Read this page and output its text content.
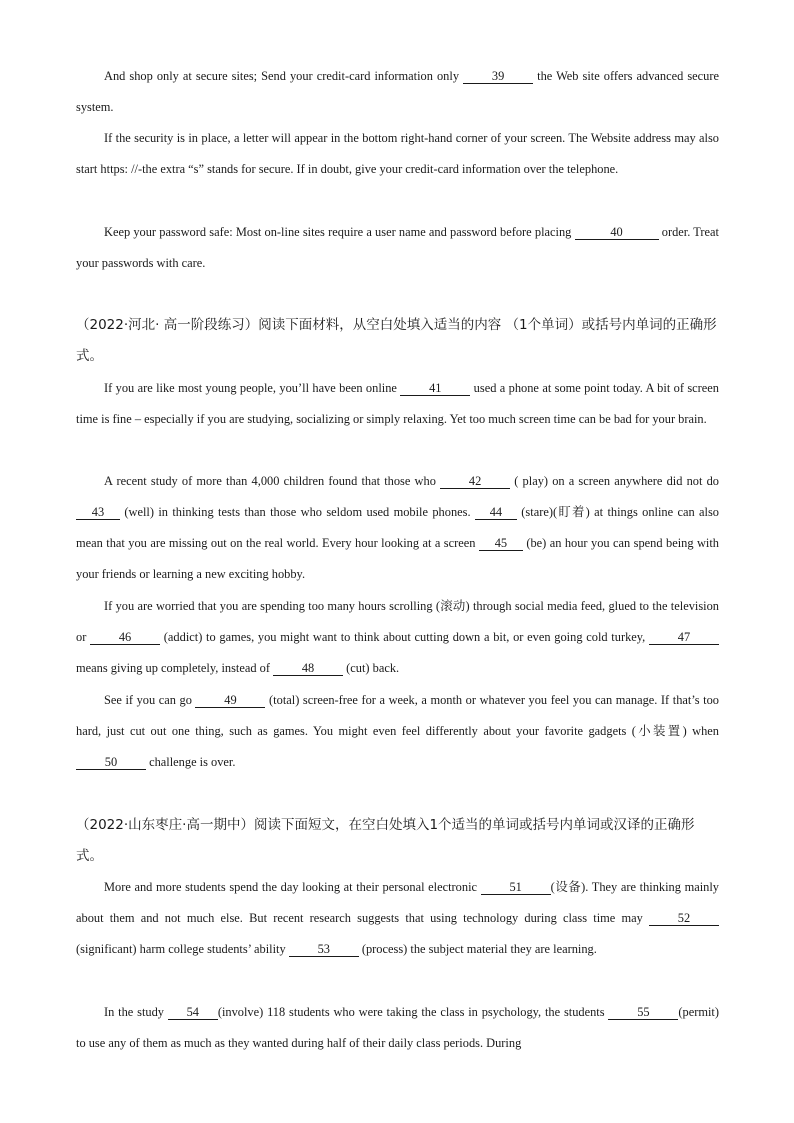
And shop only at secure sites; Send your credit-card information only 39 the Web site offers advanced secure system.

If the security is in place, a letter will appear in the bottom right-hand corner of your screen. The Website address may also start https: //-the extra “s” stands for secure. If in doubt, give your credit-card information over the telephone.

Keep your password safe: Most on-line sites require a user name and password before placing	40	order. Treat your passwords with care.

（2022·河北· 高一阶段练习）阅读下面材料，从空白处填入适当的内容 （1个单词）或括号内单词的正确形式。

If you are like most young people, you’ll have been online 41 used a phone at some point today. A bit of screen time is fine – especially if you are studying, socializing or simply relaxing. Yet too much screen time can be bad for your brain.

A recent study of more than 4,000 children found that those who 42 ( play) on a screen anywhere did not do 43 (well) in thinking tests than those who seldom used mobile phones. 44 (stare)(盯着) at things online can also mean that you are missing out on the real world. Every hour looking at a screen 45 (be) an hour you can spend being with your friends or learning a new exciting hobby.

If you are worried that you are spending too many hours scrolling (滚动) through social media feed, glued to the television or 46 (addict) to games, you might want to think about cutting down a bit, or even going cold turkey, 47 means giving up completely, instead of 48 (cut) back.

See if you can go 49 (total) screen-free for a week, a month or whatever you feel you can manage. If that’s too hard, just cut out one thing, such as games. You might even feel differently about your favorite gadgets (小装置) when 50 challenge is over.

（2022·山东枣庄·高一期中）阅读下面短文，在空白处填入1个适当的单词或括号内单词或汉译的正确形式。

More and more students spend the day looking at their personal electronic 51 (设备). They are thinking mainly about them and not much else. But recent research suggests that using technology during class time may 52(significant) harm college students’ ability 53 (process) the subject material they are learning.

In the study 54 (involve) 118 students who were taking the class in psychology, the students 55 (permit) to use any of them as much as they wanted during half of their daily class periods. During
